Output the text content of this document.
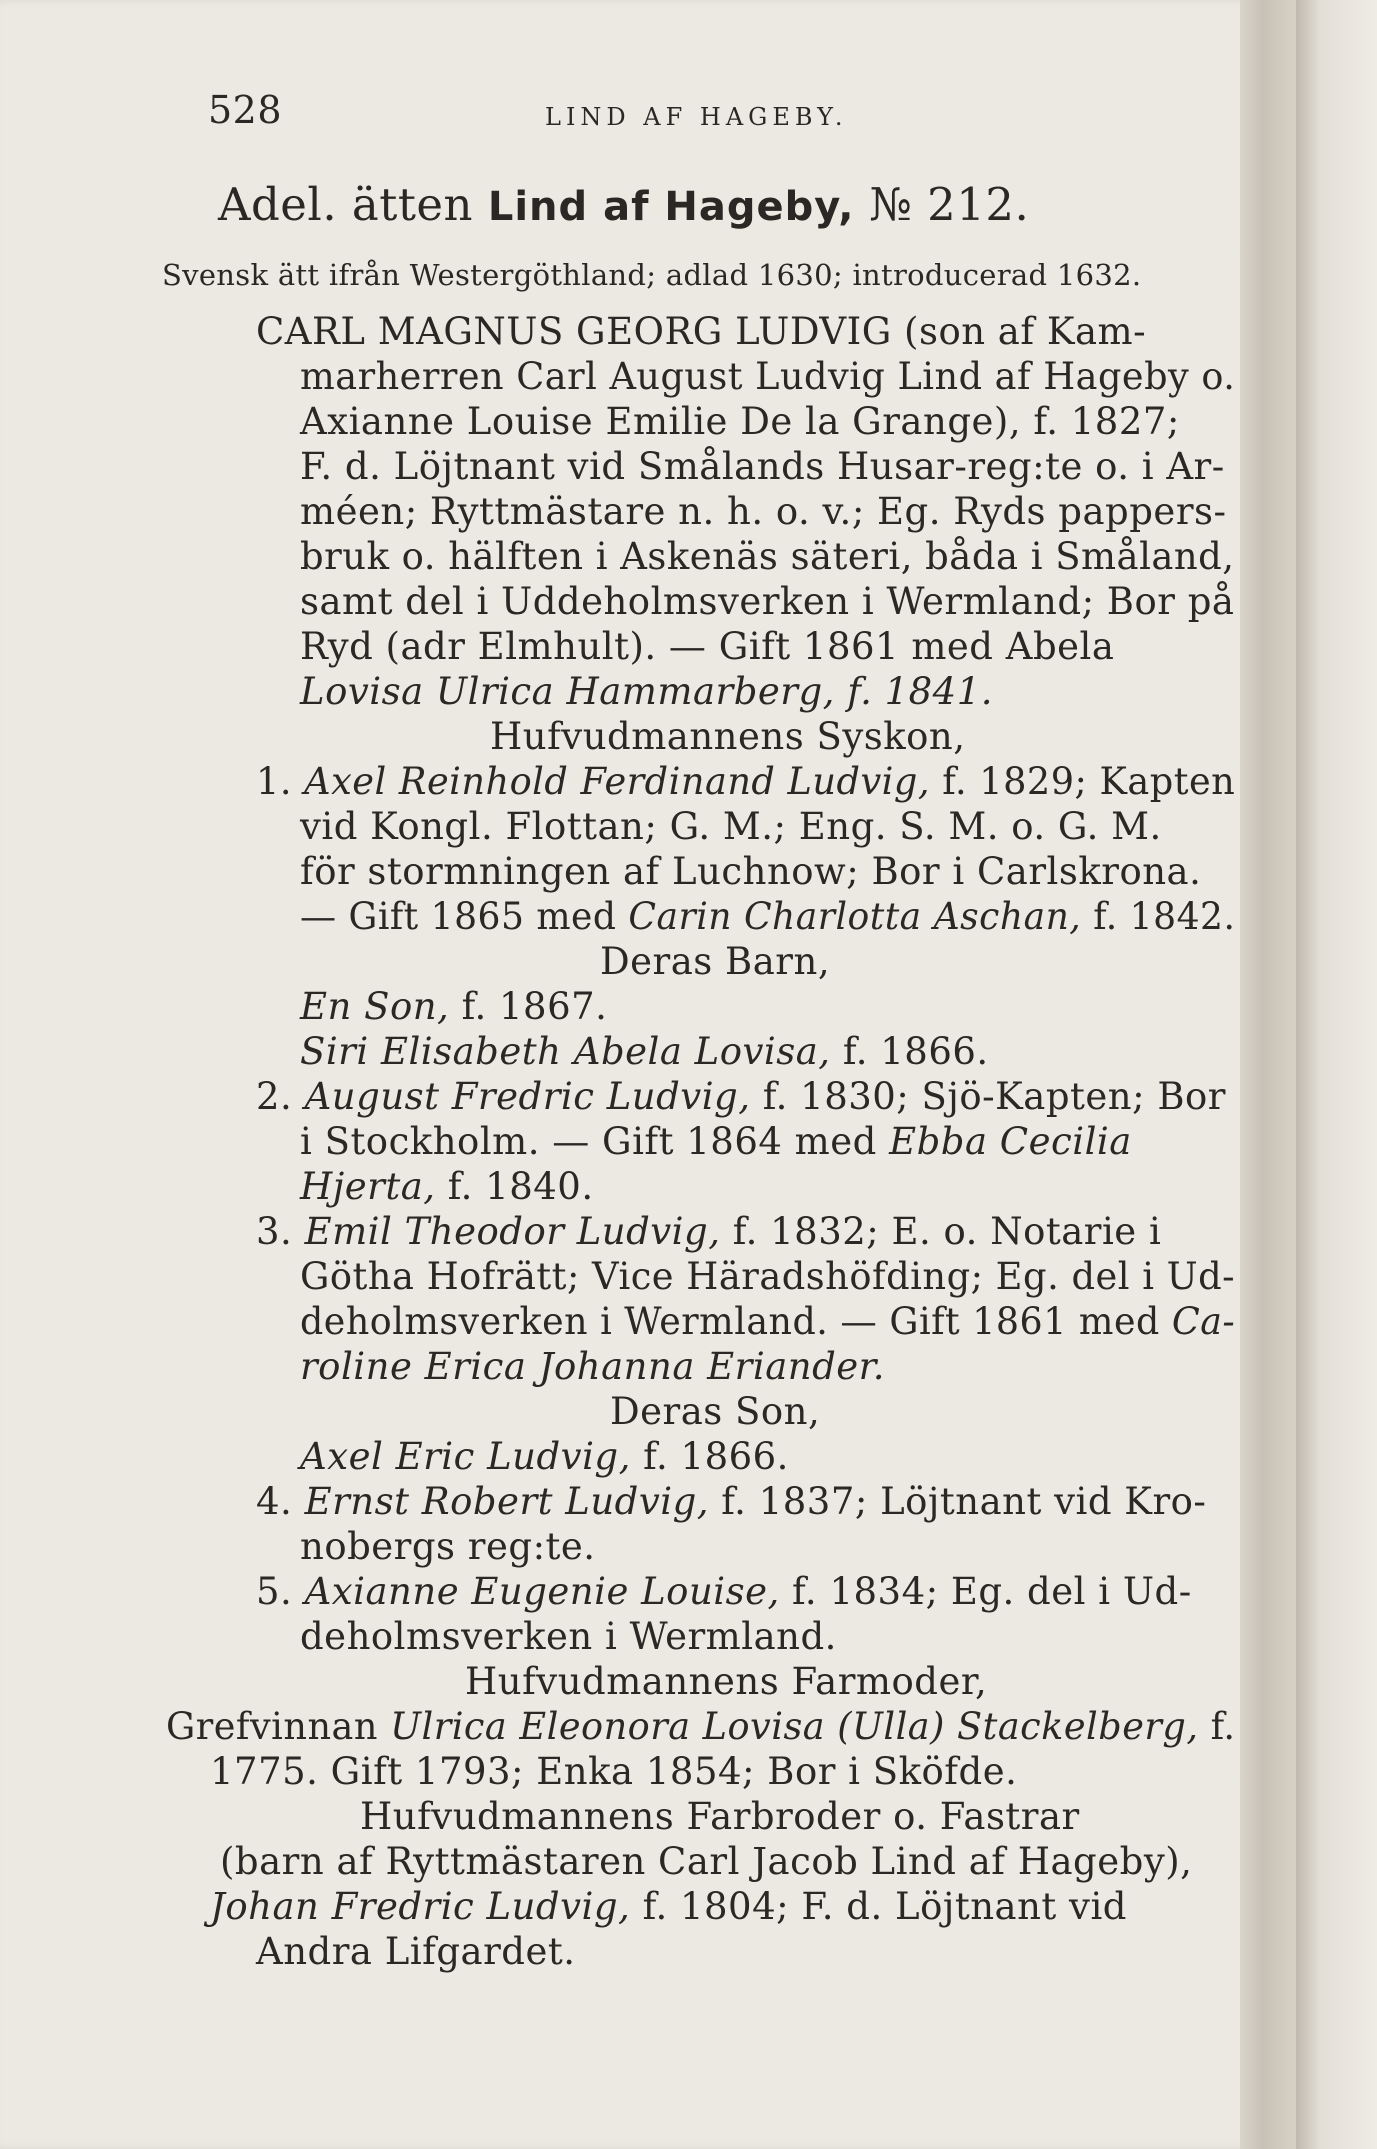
528	LIND AF HAGEBY.
Adel. ätten Lind af Hageby, № 212.
Svensk ätt ifrån Westergöthland; adlad 1630; introducerad 1632.
CARL MAGNUS GEORG LUDVIG (son af Kam-
marherren Carl August Ludvig Lind af Hageby o.
Axianne Louise Emilie De la Grange), f. 1827;
F. d. Löjtnant vid Smålands Husar-reg:te o. i Ar-
méen; Ryttmästare n. h. o. v.; Eg. Ryds pappers-
bruk o. hälften i Askenäs säteri, båda i Småland,
samt del i Uddeholmsverken i Wermland; Bor på
Ryd (adr Elmhult). — Gift 1861 med Abela
Lovisa Ulrica Hammarberg, f. 1841.
Hufvudmannens Syskon,
1. Axel Reinhold Ferdinand Ludvig, f. 1829; Kapten
vid Kongl. Flottan; G. M.; Eng. S. M. o. G. M.
för stormningen af Luchnow; Bor i Carlskrona.
— Gift 1865 med Carin Charlotta Aschan, f. 1842.
Deras Barn,
En Son, f. 1867.
Siri Elisabeth Abela Lovisa, f. 1866.
2. August Fredric Ludvig, f. 1830; Sjö-Kapten; Bor
i Stockholm. — Gift 1864 med Ebba Cecilia
Hjerta, f. 1840.
3. Emil Theodor Ludvig, f. 1832; E. o. Notarie i
Götha Hofrätt; Vice Häradshöfding; Eg. del i Ud-
deholmsverken i Wermland. — Gift 1861 med Ca-
roline Erica Johanna Eriander.
Deras Son,
Axel Eric Ludvig, f. 1866.
4. Ernst Robert Ludvig, f. 1837; Löjtnant vid Kro-
nobergs reg:te.
5. Axianne Eugenie Louise, f. 1834; Eg. del i Ud-
deholmsverken i Wermland.
Hufvudmannens Farmoder,
Grefvinnan Ulrica Eleonora Lovisa (Ulla) Stackelberg, f.
1775. Gift 1793; Enka 1854; Bor i Sköfde.
Hufvudmannens Farbroder o. Fastrar
(barn af Ryttmästaren Carl Jacob Lind af Hageby),
Johan Fredric Ludvig, f. 1804; F. d. Löjtnant vid
Andra Lifgardet.
